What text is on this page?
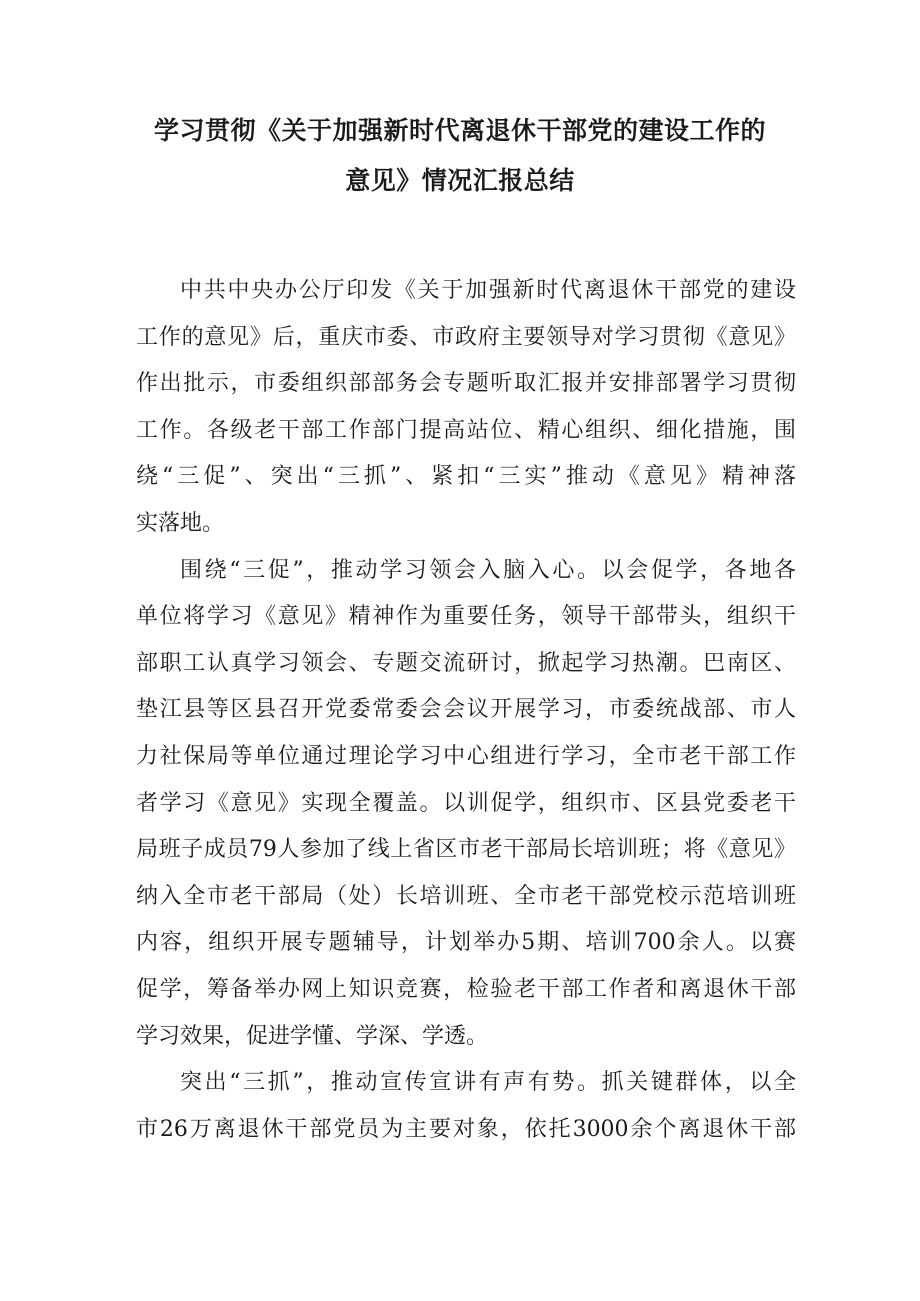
学习贯彻《关于加强新时代离退休干部党的建设工作的
意见》情况汇报总结
中共中央办公厅印发《关于加强新时代离退休干部党的建设
工作的意见》后，重庆市委、市政府主要领导对学习贯彻《意见》
作出批示，市委组织部部务会专题听取汇报并安排部署学习贯彻
工作。各级老干部工作部门提高站位、精心组织、细化措施，围
绕“三促”、突出“三抓”、紧扣“三实”推动《意见》精神落
实落地。
围绕“三促”，推动学习领会入脑入心。以会促学，各地各
单位将学习《意见》精神作为重要任务，领导干部带头，组织干
部职工认真学习领会、专题交流研讨，掀起学习热潮。巴南区、
垫江县等区县召开党委常委会会议开展学习，市委统战部、市人
力社保局等单位通过理论学习中心组进行学习，全市老干部工作
者学习《意见》实现全覆盖。以训促学，组织市、区县党委老干
局班子成员79人参加了线上省区市老干部局长培训班；将《意见》
纳入全市老干部局（处）长培训班、全市老干部党校示范培训班
内容，组织开展专题辅导，计划举办5期、培训700余人。以赛
促学，筹备举办网上知识竞赛，检验老干部工作者和离退休干部
学习效果，促进学懂、学深、学透。
突出“三抓”，推动宣传宣讲有声有势。抓关键群体，以全
市26万离退休干部党员为主要对象，依托3000余个离退休干部
